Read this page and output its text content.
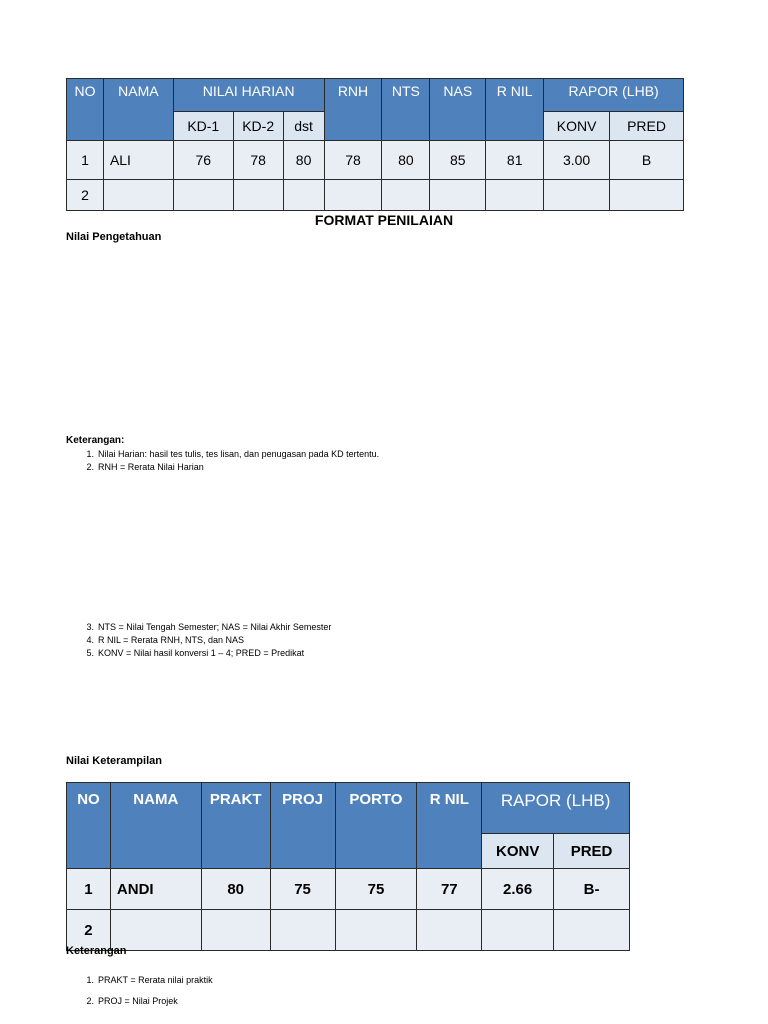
NO	NAMA	NILAI HARIAN			RNH	NTS	NAS	R NIL	RAPOR (LHB)	
		KD-1	KD-2	dst					KONV	PRED
1	ALI	76	78	80	78	80	85	81	3.00	B
2										
FORMAT PENILAIAN
Nilai Pengetahuan
Keterangan:
1. Nilai Harian: hasil tes tulis, tes lisan, dan penugasan pada KD tertentu.
2. RNH = Rerata Nilai Harian
3. NTS = Nilai Tengah Semester; NAS = Nilai Akhir Semester
4. R NIL = Rerata RNH, NTS, dan NAS
5. KONV = Nilai hasil konversi 1 – 4; PRED = Predikat
Nilai Keterampilan
NO	NAMA	PRAKT	PROJ	PORTO	R NIL	RAPOR (LHB)	
						KONV	PRED
1	ANDI	80	75	75	77	2.66	B-
2							
Keterangan
1. PRAKT = Rerata nilai praktik
2. PROJ = Nilai Projek
